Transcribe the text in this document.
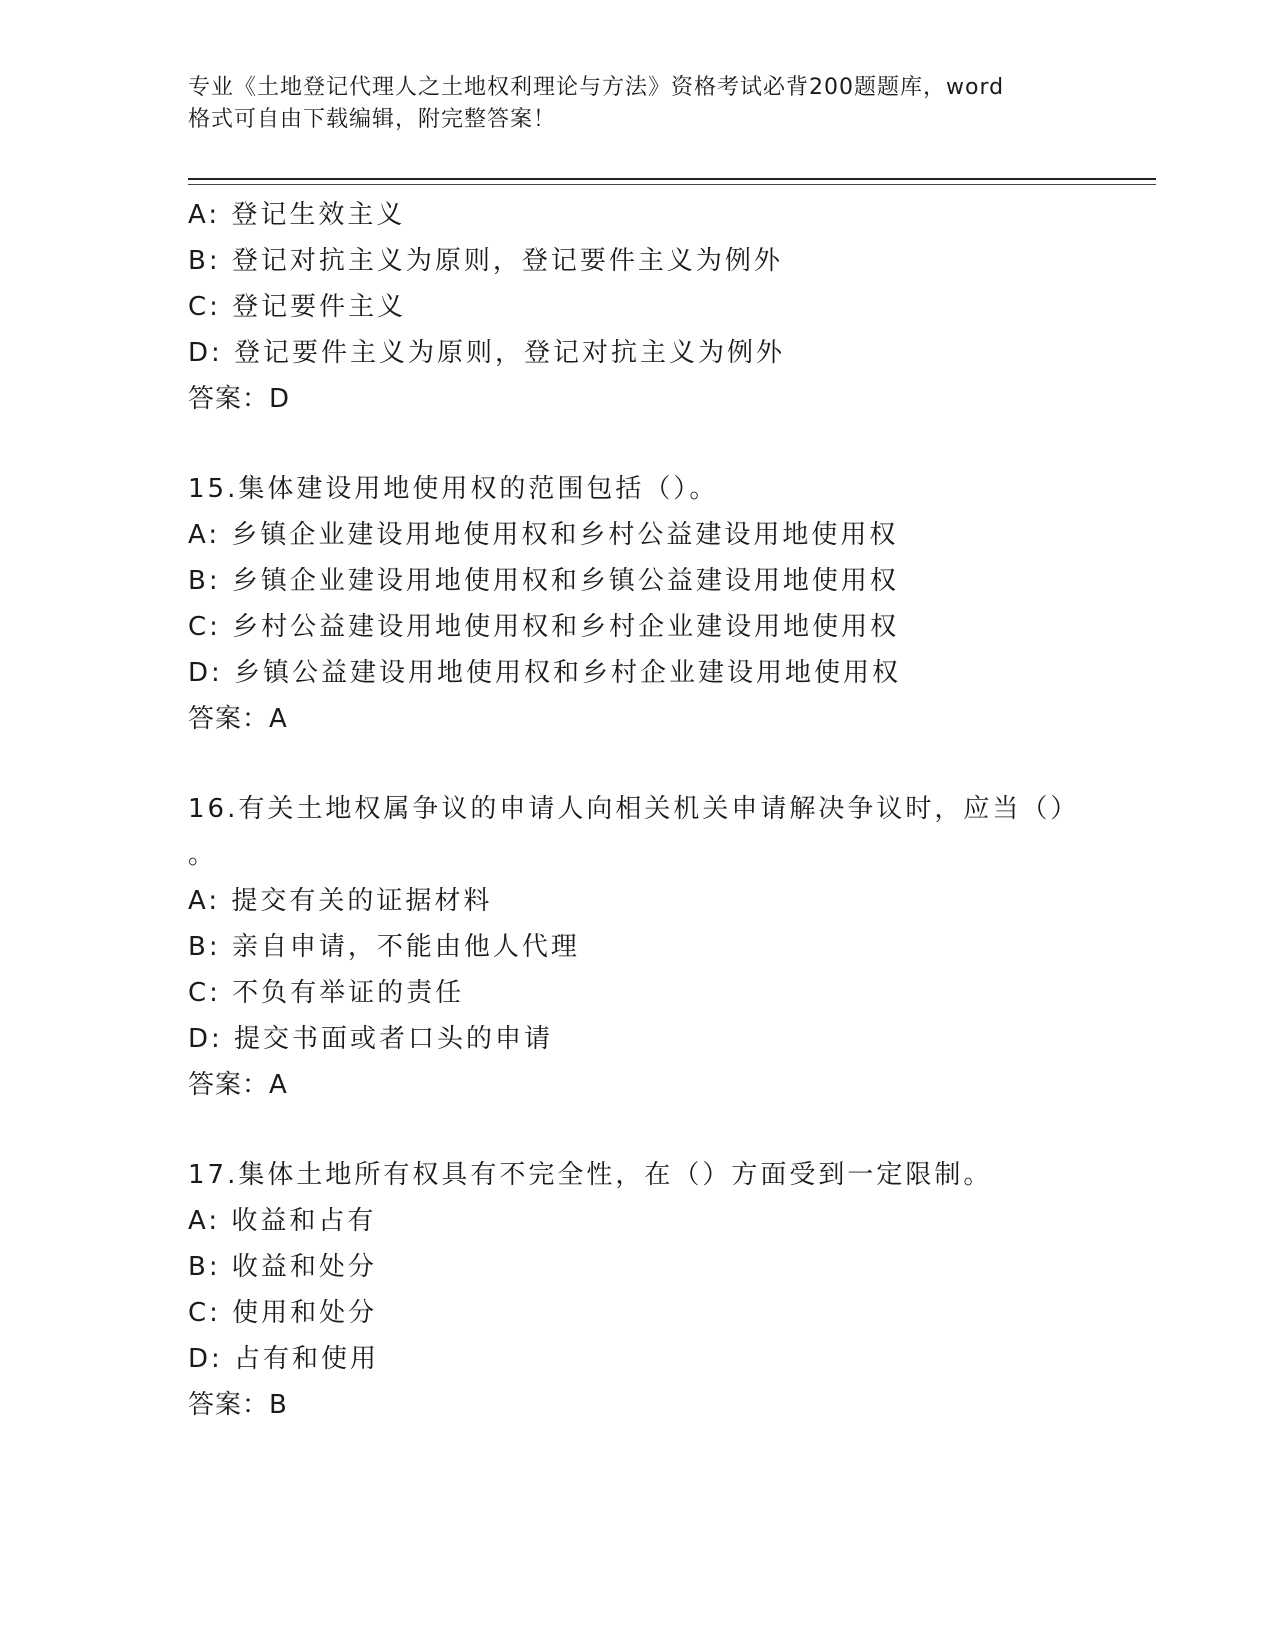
专业《土地登记代理人之土地权利理论与方法》资格考试必背200题题库，word
格式可自由下载编辑，附完整答案！
A: 登记生效主义
B: 登记对抗主义为原则，登记要件主义为例外
C: 登记要件主义
D: 登记要件主义为原则，登记对抗主义为例外
答案：D
15.集体建设用地使用权的范围包括（）。
A: 乡镇企业建设用地使用权和乡村公益建设用地使用权
B: 乡镇企业建设用地使用权和乡镇公益建设用地使用权
C: 乡村公益建设用地使用权和乡村企业建设用地使用权
D: 乡镇公益建设用地使用权和乡村企业建设用地使用权
答案：A
16.有关土地权属争议的申请人向相关机关申请解决争议时，应当（）
。
A: 提交有关的证据材料
B: 亲自申请，不能由他人代理
C: 不负有举证的责任
D: 提交书面或者口头的申请
答案：A
17.集体土地所有权具有不完全性，在（）方面受到一定限制。
A: 收益和占有
B: 收益和处分
C: 使用和处分
D: 占有和使用
答案：B
